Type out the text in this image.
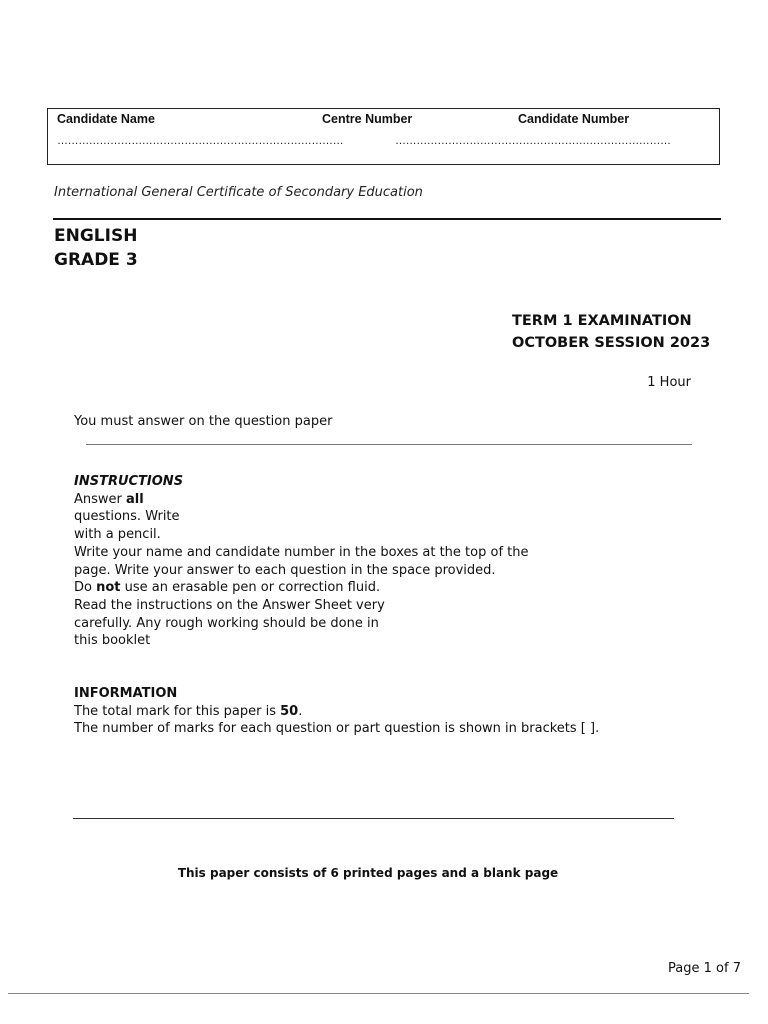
Candidate Name	Centre Number	Candidate Number
………………………………………………………………………	……………………………………………………………………
International General Certificate of Secondary Education
ENGLISH
GRADE 3
TERM 1 EXAMINATION
OCTOBER SESSION 2023
1 Hour
You must answer on the question paper
INSTRUCTIONS
Answer all
questions. Write
with a pencil.
Write your name and candidate number in the boxes at the top of the
page. Write your answer to each question in the space provided.
Do not use an erasable pen or correction fluid.
Read the instructions on the Answer Sheet very
carefully. Any rough working should be done in
this booklet
INFORMATION
The total mark for this paper is 50.
The number of marks for each question or part question is shown in brackets [ ].
This paper consists of 6 printed pages and a blank page
Page 1 of 7
